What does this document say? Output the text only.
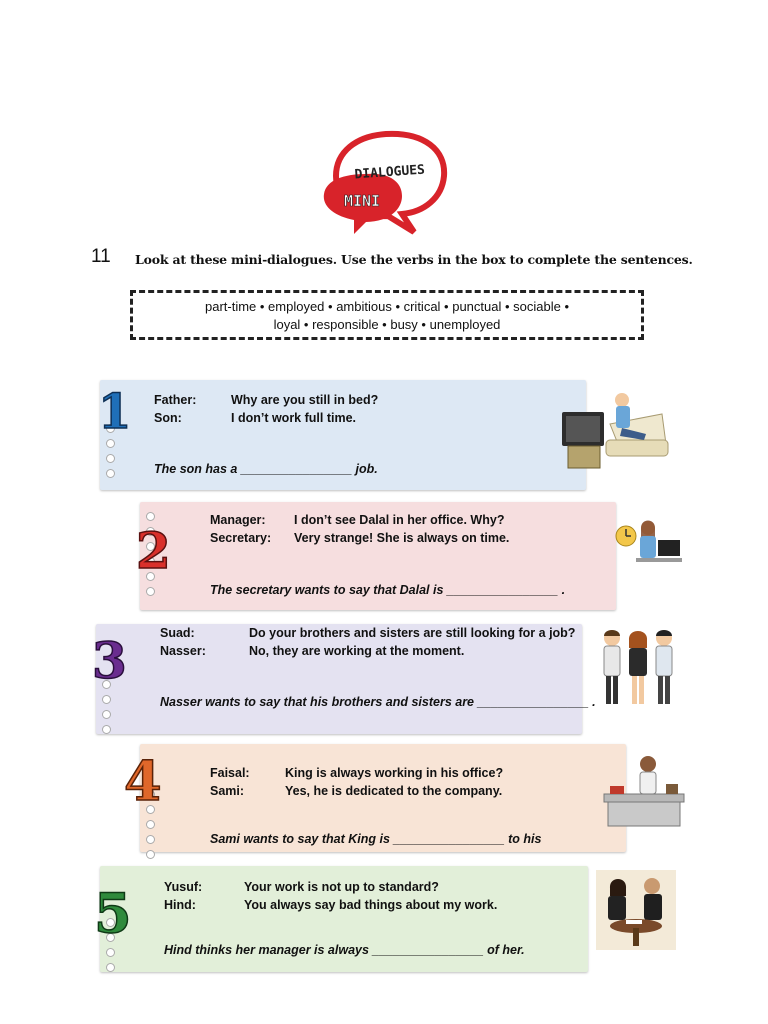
DIALOGUES
MINI
11 Look at these mini-dialogues. Use the verbs in the box to complete the sentences.
part-time • employed • ambitious • critical • punctual • sociable •
loyal • responsible • busy • unemployed
1 Father:	Why are you still in bed?
Son:	I don’t work full time.
The son has a ________________ job.
2
Manager: I don’t see Dalal in her office. Why?
Secretary: Very strange! She is always on time.
The secretary wants to say that Dalal is ________________ .
3	Suad:	Do your brothers and sisters are still looking for a job?
Nasser:	No, they are working at the moment.
Nasser wants to say that his brothers and sisters are ________________ .
4	Faisal:	King is always working in his office?
Sami:	Yes, he is dedicated to the company.
Sami wants to say that King is ________________ to his
5	Yusuf:	Your work is not up to standard?
Hind:	You always say bad things about my work.
Hind thinks her manager is always ________________ of her.
